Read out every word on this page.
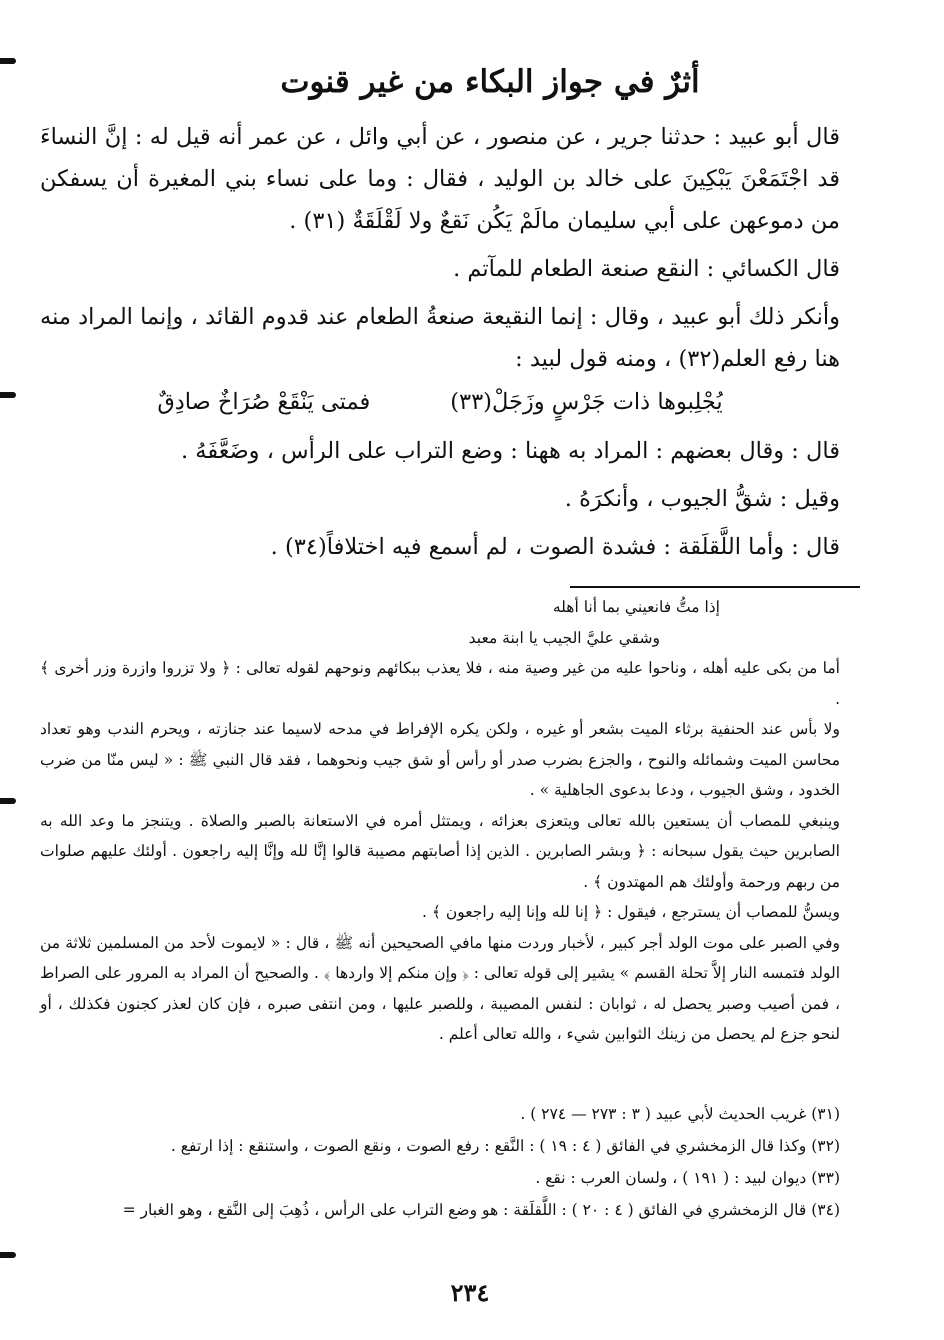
أثرٌ في جواز البكاء من غير قنوت

قال أبو عبيد : حدثنا جرير ، عن منصور ، عن أبي وائل ، عن عمر أنه قيل له : إنَّ النساءَ قد اجْتَمَعْنَ يَبْكِينَ على خالد بن الوليد ، فقال : وما على نساء بني المغيرة أن يسفكن من دموعهن على أبي سليمان مالَمْ يَكُن نَقعٌ ولا لَقْلَقَةٌ (٣١) .

قال الكسائي : النقع صنعة الطعام للمآتم .

وأنكر ذلك أبو عبيد ، وقال : إنما النقيعة صنعةُ الطعام عند قدوم القائد ، وإنما المراد منه هنا رفع العلم(٣٢) ، ومنه قول لبيد :

فمتى يَنْقَعْ صُرَاخٌ صادِقٌ	يُجْلِبوها ذات جَرْسٍ وزَجَلْ(٣٣)

قال : وقال بعضهم : المراد به ههنا : وضع التراب على الرأس ، وضَعَّفَهُ .

وقيل : شقُّ الجيوب ، وأنكرَهُ .

قال : وأما اللَّقلَقة : فشدة الصوت ، لم أسمع فيه اختلافاً(٣٤) .

إذا متُّ فانعيني بما أنا أهله

وشقي عليَّ الجيب يا ابنة معبد

أما من بكى عليه أهله ، وناحوا عليه من غير وصية منه ، فلا يعذب ببكائهم ونوحهم لقوله تعالى : ﴿ ولا تزروا وازرة وزر أخرى ﴾ .

ولا بأس عند الحنفية برثاء الميت بشعر أو غيره ، ولكن يكره الإفراط في مدحه لاسيما عند جنازته ، ويحرم الندب وهو تعداد محاسن الميت وشمائله والنوح ، والجزع بضرب صدر أو رأس أو شق جيب ونحوهما ، فقد قال النبي ﷺ : « ليس منّا من ضرب الخدود ، وشق الجيوب ، ودعا بدعوى الجاهلية » .

وينبغي للمصاب أن يستعين بالله تعالى ويتعزى بعزائه ، ويمتثل أمره في الاستعانة بالصبر والصلاة . ويتنجز ما وعد الله به الصابرين حيث يقول سبحانه : ﴿ وبشر الصابرين . الذين إذا أصابتهم مصيبة قالوا إنَّا لله وإنَّا إليه راجعون . أولئك عليهم صلوات من ربهم ورحمة وأولئك هم المهتدون ﴾ .

ويسنُّ للمصاب أن يسترجع ، فيقول : ﴿ إنا لله وإنا إليه راجعون ﴾ .

وفي الصبر على موت الولد أجر كبير ، لأخبار وردت منها مافي الصحيحين أنه ﷺ ، قال : « لايموت لأحد من المسلمين ثلاثة من الولد فتمسه النار إلاَّ تحلة القسم » يشير إلى قوله تعالى : ﴿ وإن منكم إلا واردها ﴾ . والصحيح أن المراد به المرور على الصراط ، فمن أصيب وصبر يحصل له ، ثوابان : لنفس المصيبة ، وللصبر عليها ، ومن انتفى صبره ، فإن كان لعذر كجنون فكذلك ، أو لنحو جزع لم يحصل من زينك الثوابين شيء ، والله تعالى أعلم .

(٣١) غريب الحديث لأبي عبيد ( ٣ : ٢٧٣ — ٢٧٤ ) .

(٣٢) وكذا قال الزمخشري في الفائق ( ٤ : ١٩ ) : النَّقع : رفع الصوت ، ونقع الصوت ، واستنقع : إذا ارتفع .

(٣٣) ديوان لبيد : ( ١٩١ ) ، ولسان العرب : نقع .

(٣٤) قال الزمخشري في الفائق ( ٤ : ٢٠ ) : اللَّقلَقة : هو وضع التراب على الرأس ، ذُهِبَ إلى النَّقع ، وهو الغبار =

٢٣٤
